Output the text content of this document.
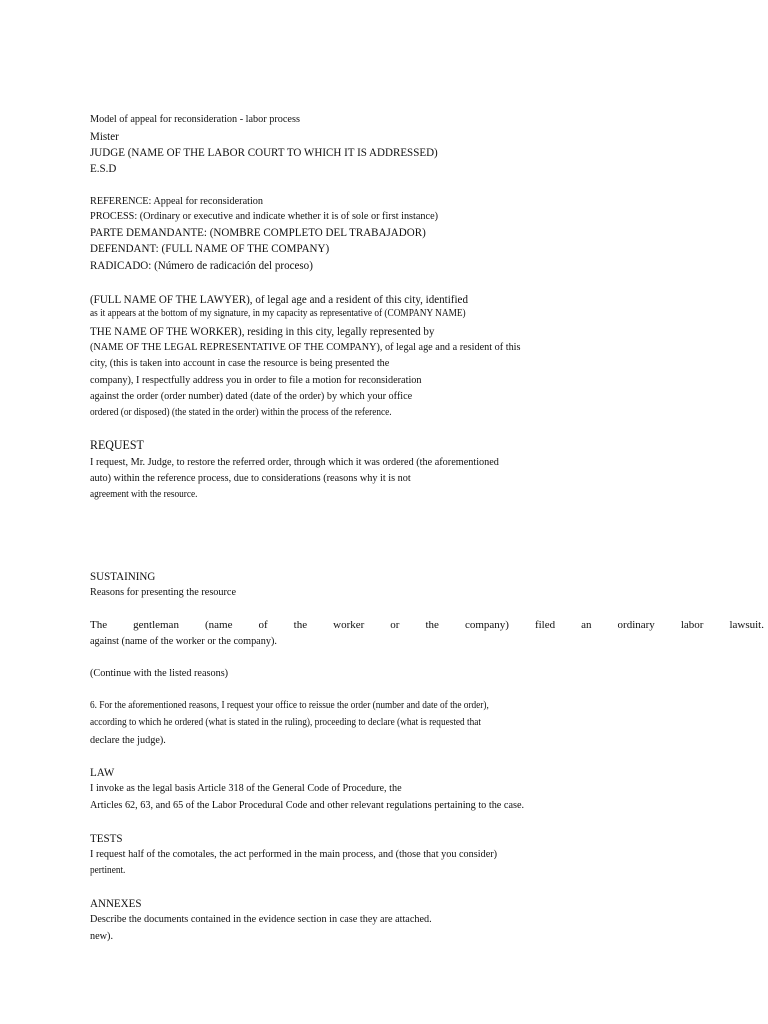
Model of appeal for reconsideration - labor process
Mister
JUDGE (NAME OF THE LABOR COURT TO WHICH IT IS ADDRESSED)
E.S.D
REFERENCE: Appeal for reconsideration
PROCESS: (Ordinary or executive and indicate whether it is of sole or first instance)
PARTE DEMANDANTE: (NOMBRE COMPLETO DEL TRABAJADOR)
DEFENDANT: (FULL NAME OF THE COMPANY)
RADICADO: (Número de radicación del proceso)
(FULL NAME OF THE LAWYER), of legal age and a resident of this city, identified
as it appears at the bottom of my signature, in my capacity as representative of (COMPANY NAME)
THE NAME OF THE WORKER), residing in this city, legally represented by
(NAME OF THE LEGAL REPRESENTATIVE OF THE COMPANY), of legal age and a resident of this
city, (this is taken into account in case the resource is being presented the
company), I respectfully address you in order to file a motion for reconsideration
against the order (order number) dated (date of the order) by which your office
ordered (or disposed) (the stated in the order) within the process of the reference.
REQUEST
I request, Mr. Judge, to restore the referred order, through which it was ordered (the aforementioned
auto) within the reference process, due to considerations (reasons why it is not
agreement with the resource.
SUSTAINING
Reasons for presenting the resource
The gentleman (name of the worker or the company) filed an ordinary labor lawsuit.
against (name of the worker or the company).
(Continue with the listed reasons)
6. For the aforementioned reasons, I request your office to reissue the order (number and date of the order),
according to which he ordered (what is stated in the ruling), proceeding to declare (what is requested that
declare the judge).
LAW
I invoke as the legal basis Article 318 of the General Code of Procedure, the
Articles 62, 63, and 65 of the Labor Procedural Code and other relevant regulations pertaining to the case.
TESTS
I request half of the comotales, the act performed in the main process, and (those that you consider)
pertinent.
ANNEXES
Describe the documents contained in the evidence section in case they are attached.
new).
